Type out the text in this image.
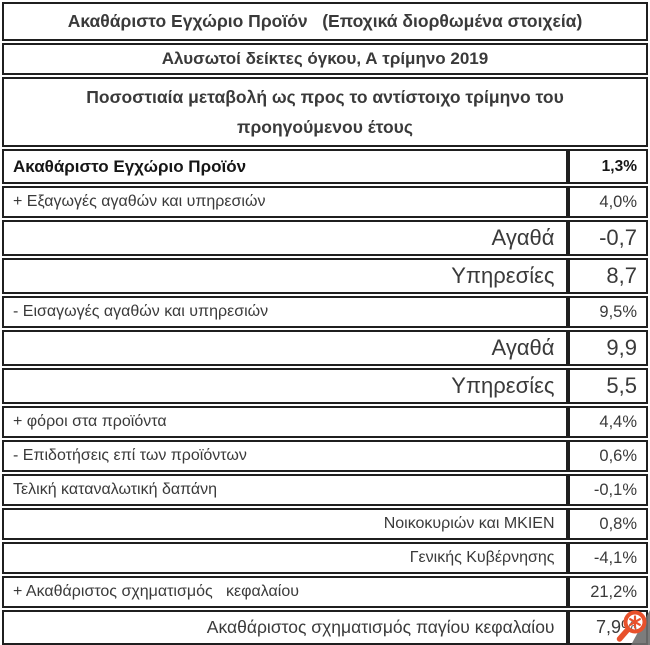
Ακαθάριστο Εγχώριο Προϊόν   (Εποχικά διορθωμένα στοιχεία)	

Αλυσωτοί δείκτες όγκου, Α τρίμηνο 2019	

Ποσοστιαία μεταβολή ως προς το αντίστοιχο τρίμηνο του προηγούμενου έτους	

Ακαθάριστο Εγχώριο Προϊόν	1,3%
+ Εξαγωγές αγαθών και υπηρεσιών	4,0%
Αγαθά	-0,7
Υπηρεσίες	8,7
- Εισαγωγές αγαθών και υπηρεσιών	9,5%
Αγαθά	9,9
Υπηρεσίες	5,5
+ φόροι στα προϊόντα	4,4%
- Επιδοτήσεις επί των προϊόντων	0,6%
Τελική καταναλωτική δαπάνη	-0,1%
Νοικοκυριών και ΜΚΙΕΝ	0,8%
Γενικής Κυβέρνησης	-4,1%
+ Ακαθάριστος σχηματισμός   κεφαλαίου	21,2%
Ακαθάριστος σχηματισμός παγίου κεφαλαίου	7,9%
